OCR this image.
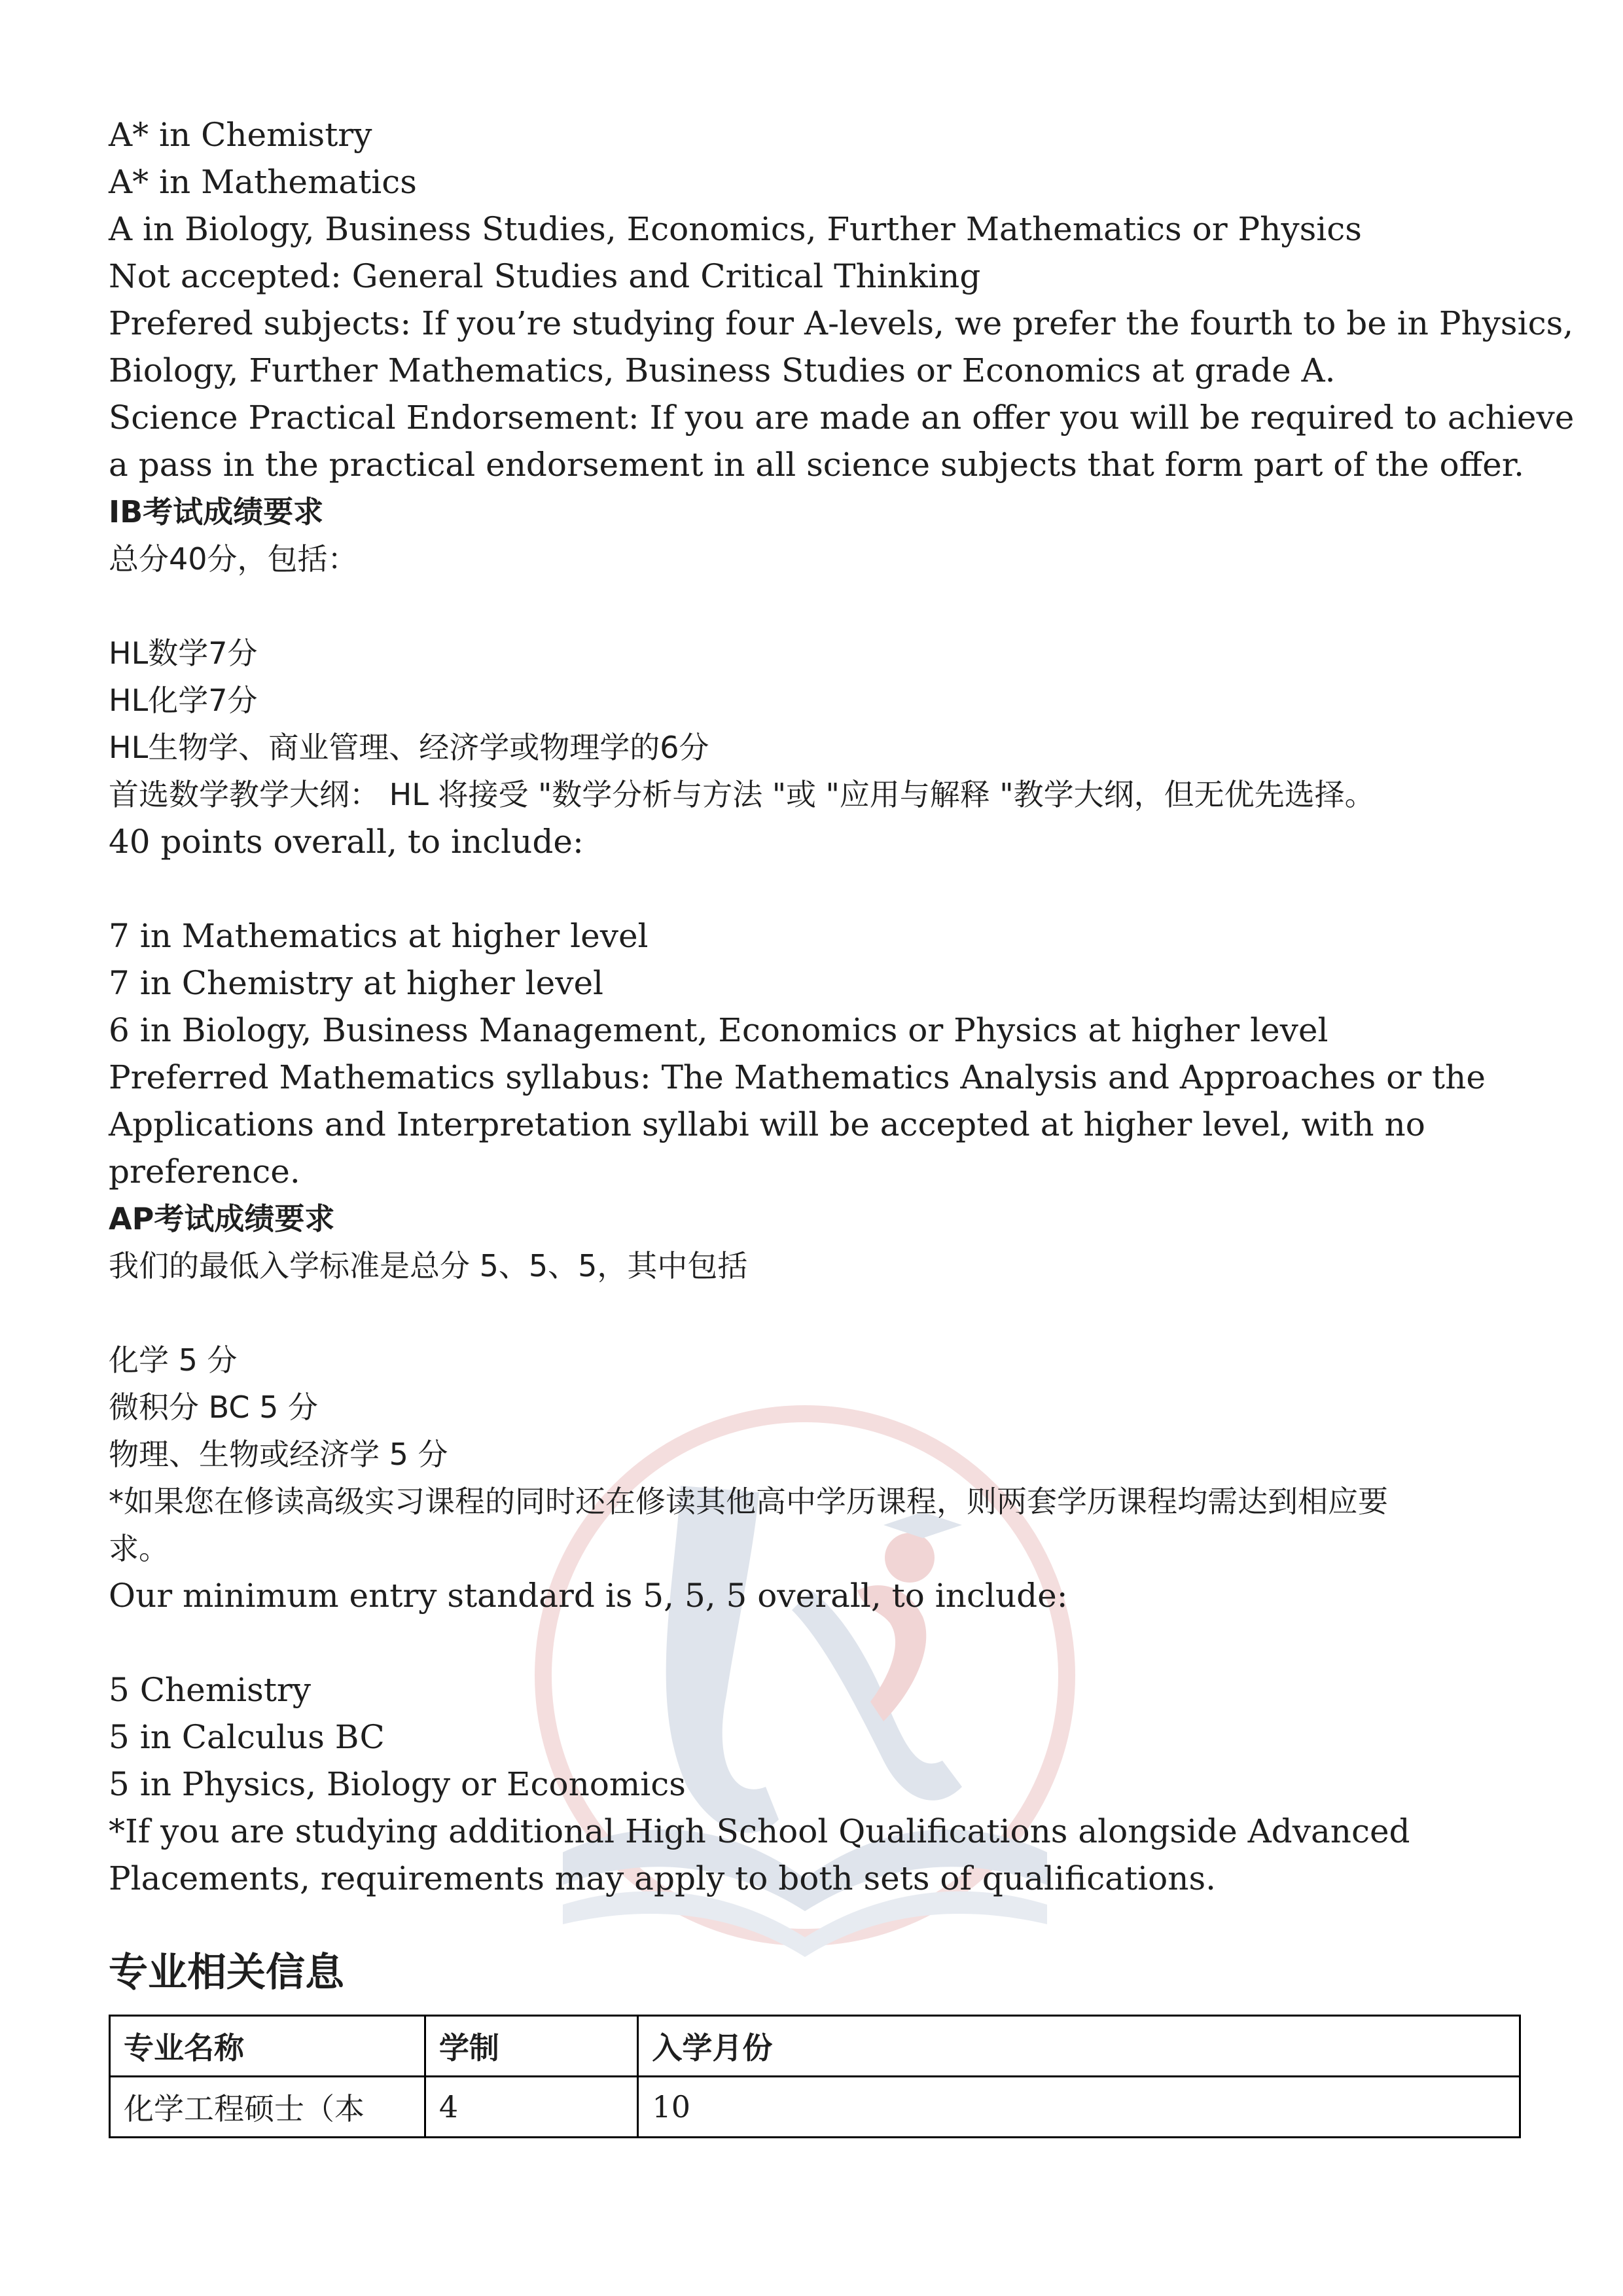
A* in Chemistry
A* in Mathematics
A in Biology, Business Studies, Economics, Further Mathematics or Physics
Not accepted: General Studies and Critical Thinking
Prefered subjects: If you’re studying four A-levels, we prefer the fourth to be in Physics,
Biology, Further Mathematics, Business Studies or Economics at grade A.
Science Practical Endorsement: If you are made an offer you will be required to achieve
a pass in the practical endorsement in all science subjects that form part of the offer.
IB考试成绩要求
总分40分，包括：
HL数学7分
HL化学7分
HL生物学、商业管理、经济学或物理学的6分
首选数学教学大纲： HL 将接受 "数学分析与方法 "或 "应用与解释 "教学大纲，但无优先选择。
40 points overall, to include:
7 in Mathematics at higher level
7 in Chemistry at higher level
6 in Biology, Business Management, Economics or Physics at higher level
Preferred Mathematics syllabus: The Mathematics Analysis and Approaches or the
Applications and Interpretation syllabi will be accepted at higher level, with no
preference.
AP考试成绩要求
我们的最低入学标准是总分 5、5、5，其中包括
化学 5 分
微积分 BC 5 分
物理、生物或经济学 5 分
*如果您在修读高级实习课程的同时还在修读其他高中学历课程，则两套学历课程均需达到相应要
求。
Our minimum entry standard is 5, 5, 5 overall, to include:
5 Chemistry
5 in Calculus BC
5 in Physics, Biology or Economics
*If you are studying additional High School Qualifications alongside Advanced
Placements, requirements may apply to both sets of qualifications.
专业相关信息
专业名称	学制	入学月份
化学工程硕士（本	4	10
